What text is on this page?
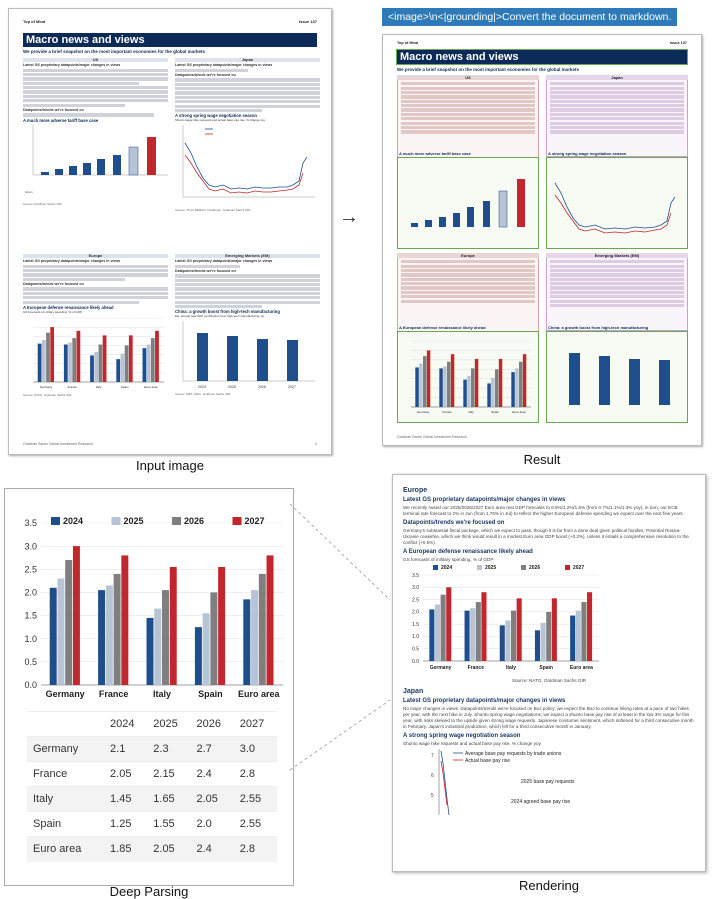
Top of Mind	Issue 137
Macro news and views
We provide a brief snapshot on the most important economies for the global markets
US
Latest GS proprietary datapoints/major changes in views
Datapoints/trends we're focused on
A much more adverse tariff base case
labels
Source: Goldman Sachs GIR.
Japan
Latest GS proprietary datapoints/major changes in views
Datapoints/trends we're focused on
A strong spring wage negotiation season
Shunto wage hike requests and actual base pay rise, % change yoy
Source: JTUC-RENGO, Kaidanren, Goldman Sachs GIR.
Europe
Latest GS proprietary datapoints/major changes in views
Datapoints/trends we're focused on
A European defense renaissance likely ahead
GS forecasts of military spending, % of GDP
Germany	France	Italy	Spain	Euro area
Source: NATO, Goldman Sachs GIR.
Emerging Markets (EM)
Latest GS proprietary datapoints/major changes in views
Datapoints/trends we're focused on
China: a growth boost from high-tech manufacturing
Est. annual real GDP contribution from high-tech manufacturing, pp
2024	2025	2026	2027
Source: NBS, CEIC, Goldman Sachs GIR.
Goldman Sachs Global Investment Research	2
Input image
→
<image>\n<|grounding|>Convert the document to markdown.
Top of Mind	Issue 137
Macro news and views
We provide a brief snapshot on the most important economies for the global markets
US
A much more adverse tariff base case
Japan
A strong spring wage negotiation season
Europe
A European defense renaissance likely ahead
Germany	France	Italy	Spain	Euro area
Emerging Markets (EM)
China: a growth boost from high-tech manufacturing
Goldman Sachs Global Investment Research
Result
0.0
0.5
1.0
1.5
2.0
2.5
3.0
3.5
Germany France	Italy	Spain Euro area
2024	2025	2026	2027
	2024	2025	2026	2027
Germany	2.1	2.3	2.7	3.0
France	2.05	2.15	2.4	2.8
Italy	1.45	1.65	2.05	2.55
Spain	1.25	1.55	2.0	2.55
Euro area	1.85	2.05	2.4	2.8
Deep Parsing
Europe
Latest GS proprietary datapoints/major changes in views
We recently raised our 2025/2026/2027 Euro area real GDP forecasts to 0.9%/1.2%/1.6% (from 0.7%/1.1%/1.3% yoy), in turn, our ECB terminal rate forecast to 2% in Jun (from 1.75% in Jul) to reflect the higher European defense spending we expect over the next few years.
Datapoints/trends we're focused on
Germany's substantial fiscal package, which we expect to pass, though it is far from a done deal given political hurdles. Potential Russia-Ukraine ceasefire, which we think would result in a modest Euro area GDP boost (+0.2%), unless it entails a comprehensive resolution to the conflict (+0.5%).
A European defense renaissance likely ahead
GS forecasts of military spending, % of GDP
0.0
0.5
1.0
1.5
2.0
2.5
3.0
3.5
Germany	France	Italy	Spain	Euro area
2024	2025	2026	2027
Source: NATO, Goldman Sachs GIR
Japan
Latest GS proprietary datapoints/major changes in views
No major changes in views. Datapoints/trends we're focused on BoJ policy; we expect the BoJ to continue hiking rates at a pace of two hikes per year, with the next hike in July. Shunto spring wage negotiations; we expect a shunto base pay rise of at least in the low 3% range for this year, with risks skewed to the upside given strong wage requests. Japanese consumer sentiment, which softened for a third consecutive month in February. Japan's industrial production, which fell for a third consecutive month in January.
A strong spring wage negotiation season
Shunto wage hike requests and actual base pay rise, % change yoy
7
6
5
Average base pay requests by trade unions
Actual base pay rise
2025 base pay requests
2024 agreed base pay rise
Rendering
